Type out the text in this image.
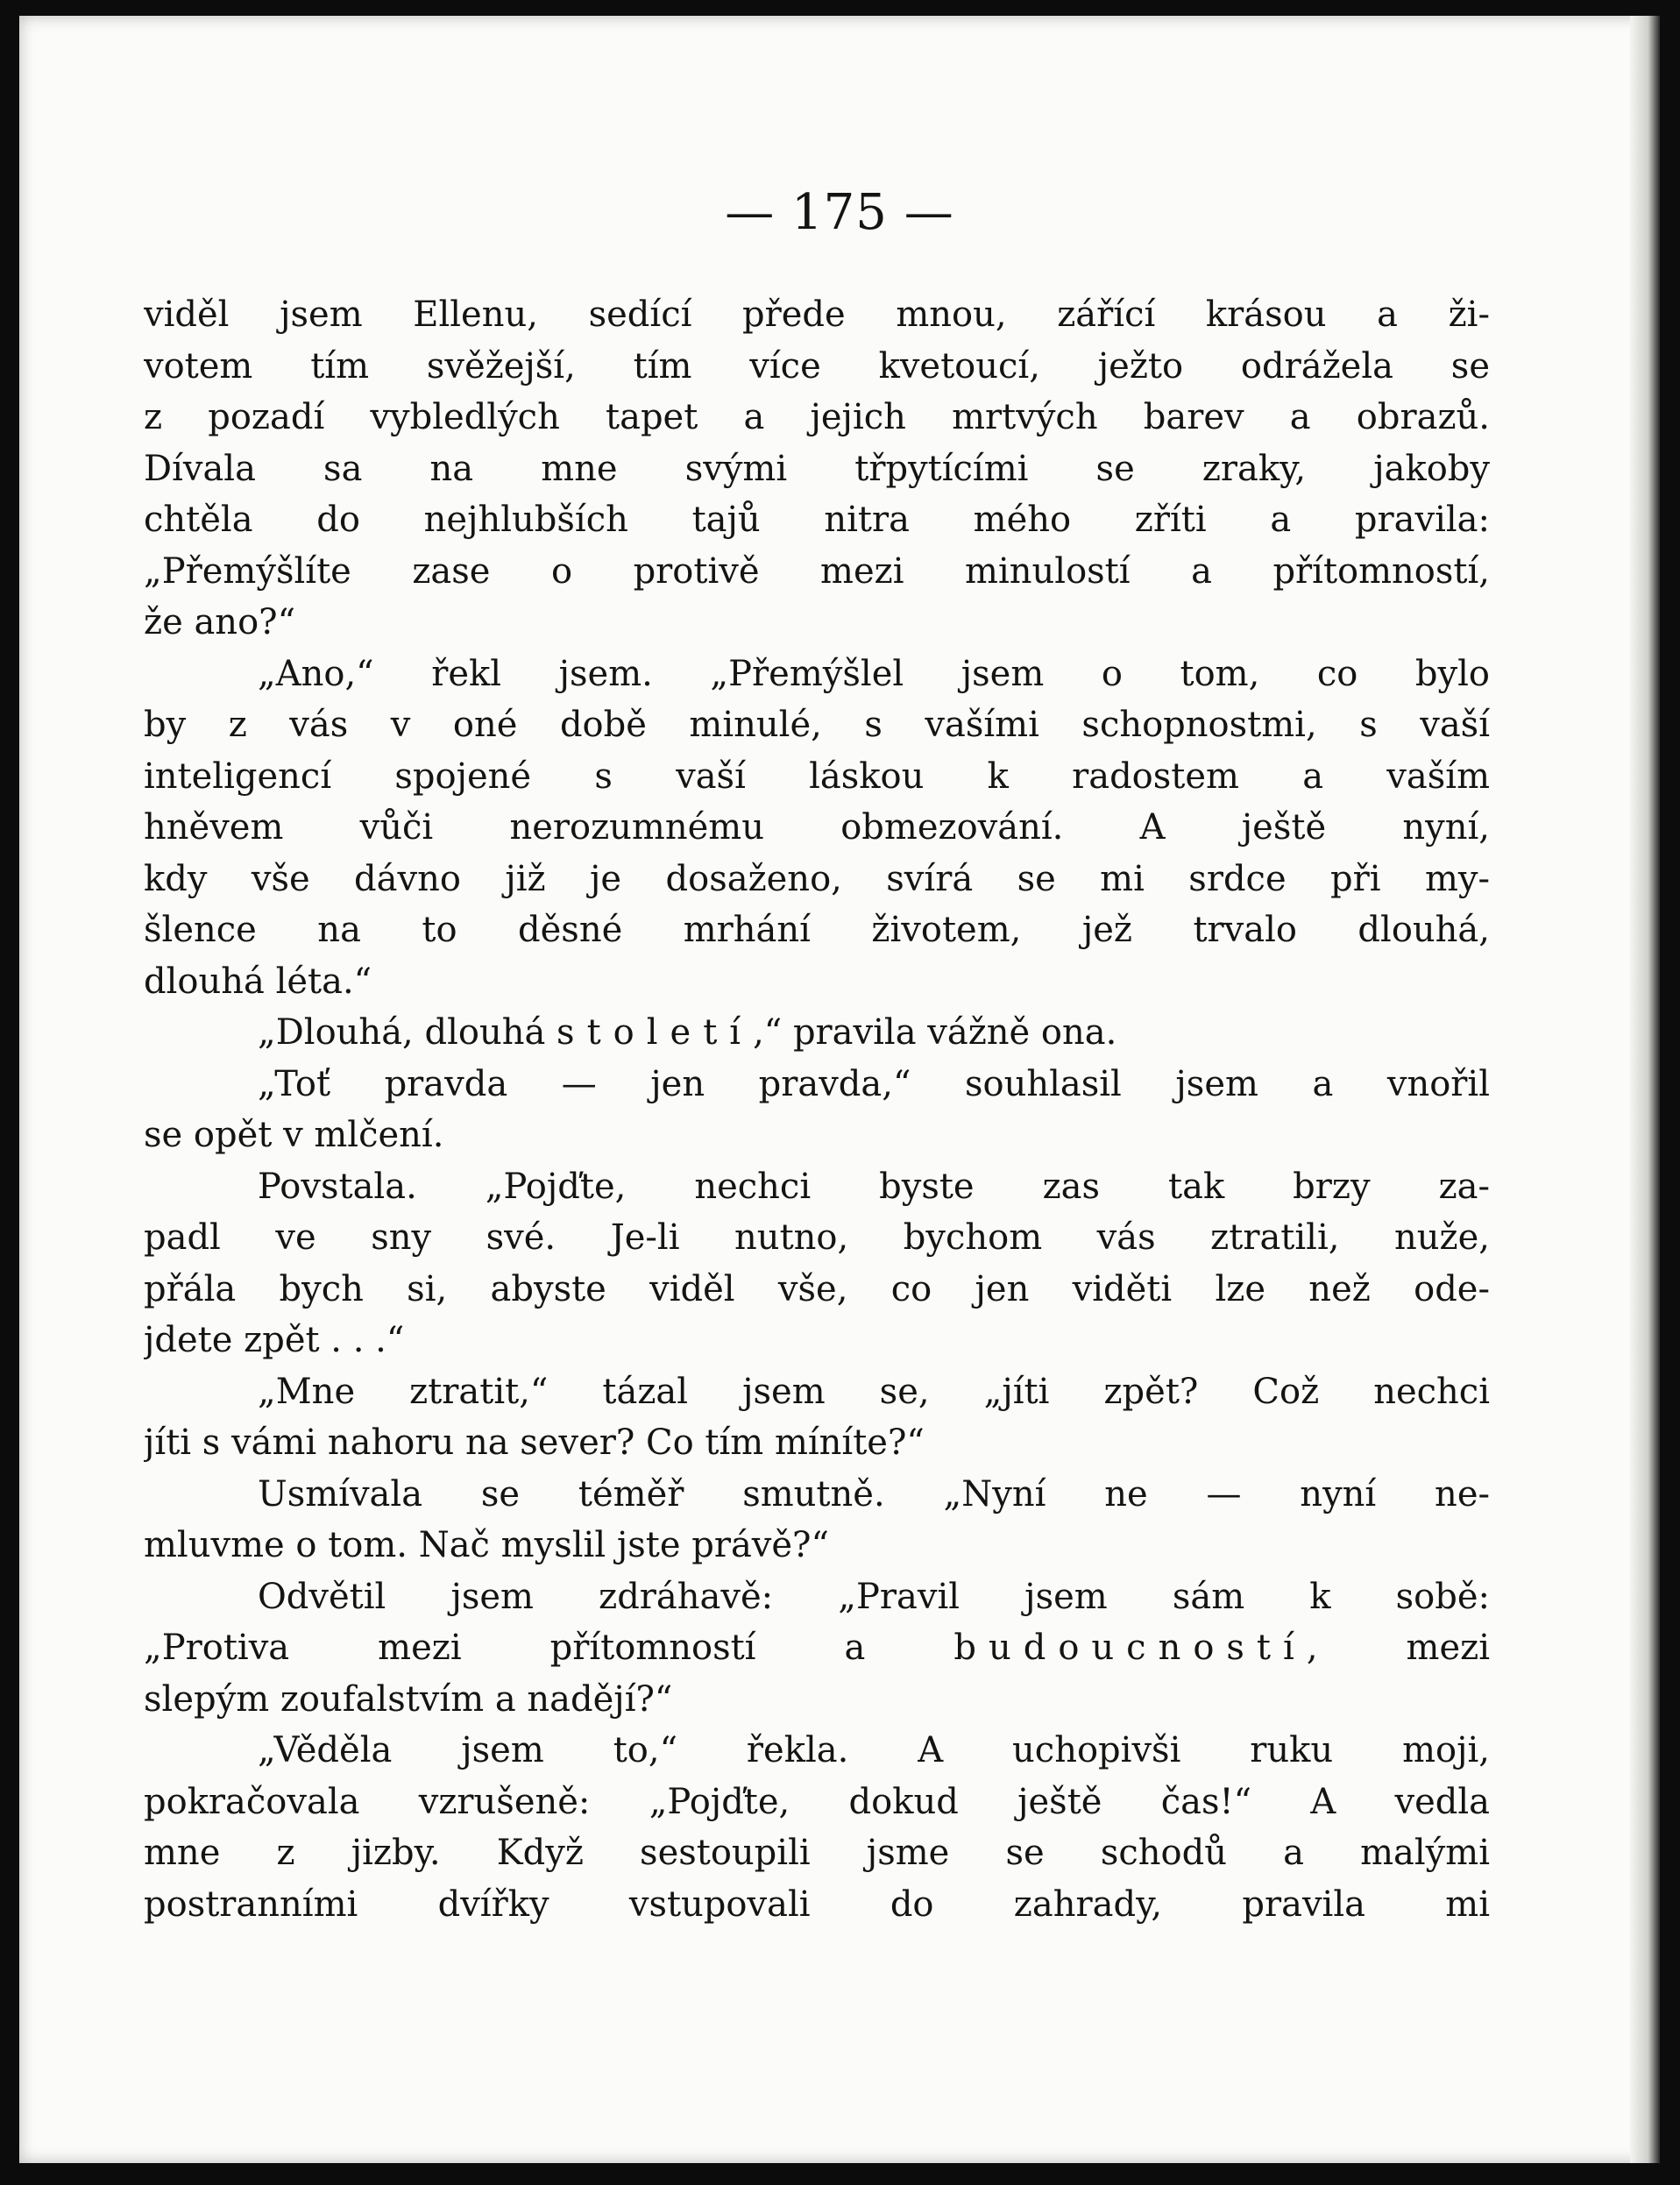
— 175 —
viděl jsem Ellenu, sedící přede mnou, zářící krásou a ži-
votem tím svěžejší, tím více kvetoucí, ježto odrážela se
z pozadí vybledlých tapet a jejich mrtvých barev a obrazů.
Dívala sa na mne svými třpytícími se zraky, jakoby
chtěla do nejhlubších tajů nitra mého zříti a pravila:
„Přemýšlíte zase o protivě mezi minulostí a přítomností,
že ano?“
„Ano,“ řekl jsem. „Přemýšlel jsem o tom, co bylo
by z vás v oné době minulé, s vašími schopnostmi, s vaší
inteligencí spojené s vaší láskou k radostem a vaším
hněvem vůči nerozumnému obmezování. A ještě nyní,
kdy vše dávno již je dosaženo, svírá se mi srdce při my-
šlence na to děsné mrhání životem, jež trvalo dlouhá,
dlouhá léta.“
„Dlouhá, dlouhá století,“ pravila vážně ona.
„Toť pravda — jen pravda,“ souhlasil jsem a vnořil
se opět v mlčení.
Povstala. „Pojďte, nechci byste zas tak brzy za-
padl ve sny své. Je-li nutno, bychom vás ztratili, nuže,
přála bych si, abyste viděl vše, co jen viděti lze než ode-
jdete zpět . . .“
„Mne ztratit,“ tázal jsem se, „jíti zpět? Což nechci
jíti s vámi nahoru na sever? Co tím míníte?“
Usmívala se téměř smutně. „Nyní ne — nyní ne-
mluvme o tom. Nač myslil jste právě?“
Odvětil jsem zdráhavě: „Pravil jsem sám k sobě:
„Protiva mezi přítomností a budoucností, mezi
slepým zoufalstvím a nadějí?“
„Věděla jsem to,“ řekla. A uchopivši ruku moji,
pokračovala vzrušeně: „Pojďte, dokud ještě čas!“ A vedla
mne z jizby. Když sestoupili jsme se schodů a malými
postranními dvířky vstupovali do zahrady, pravila mi
